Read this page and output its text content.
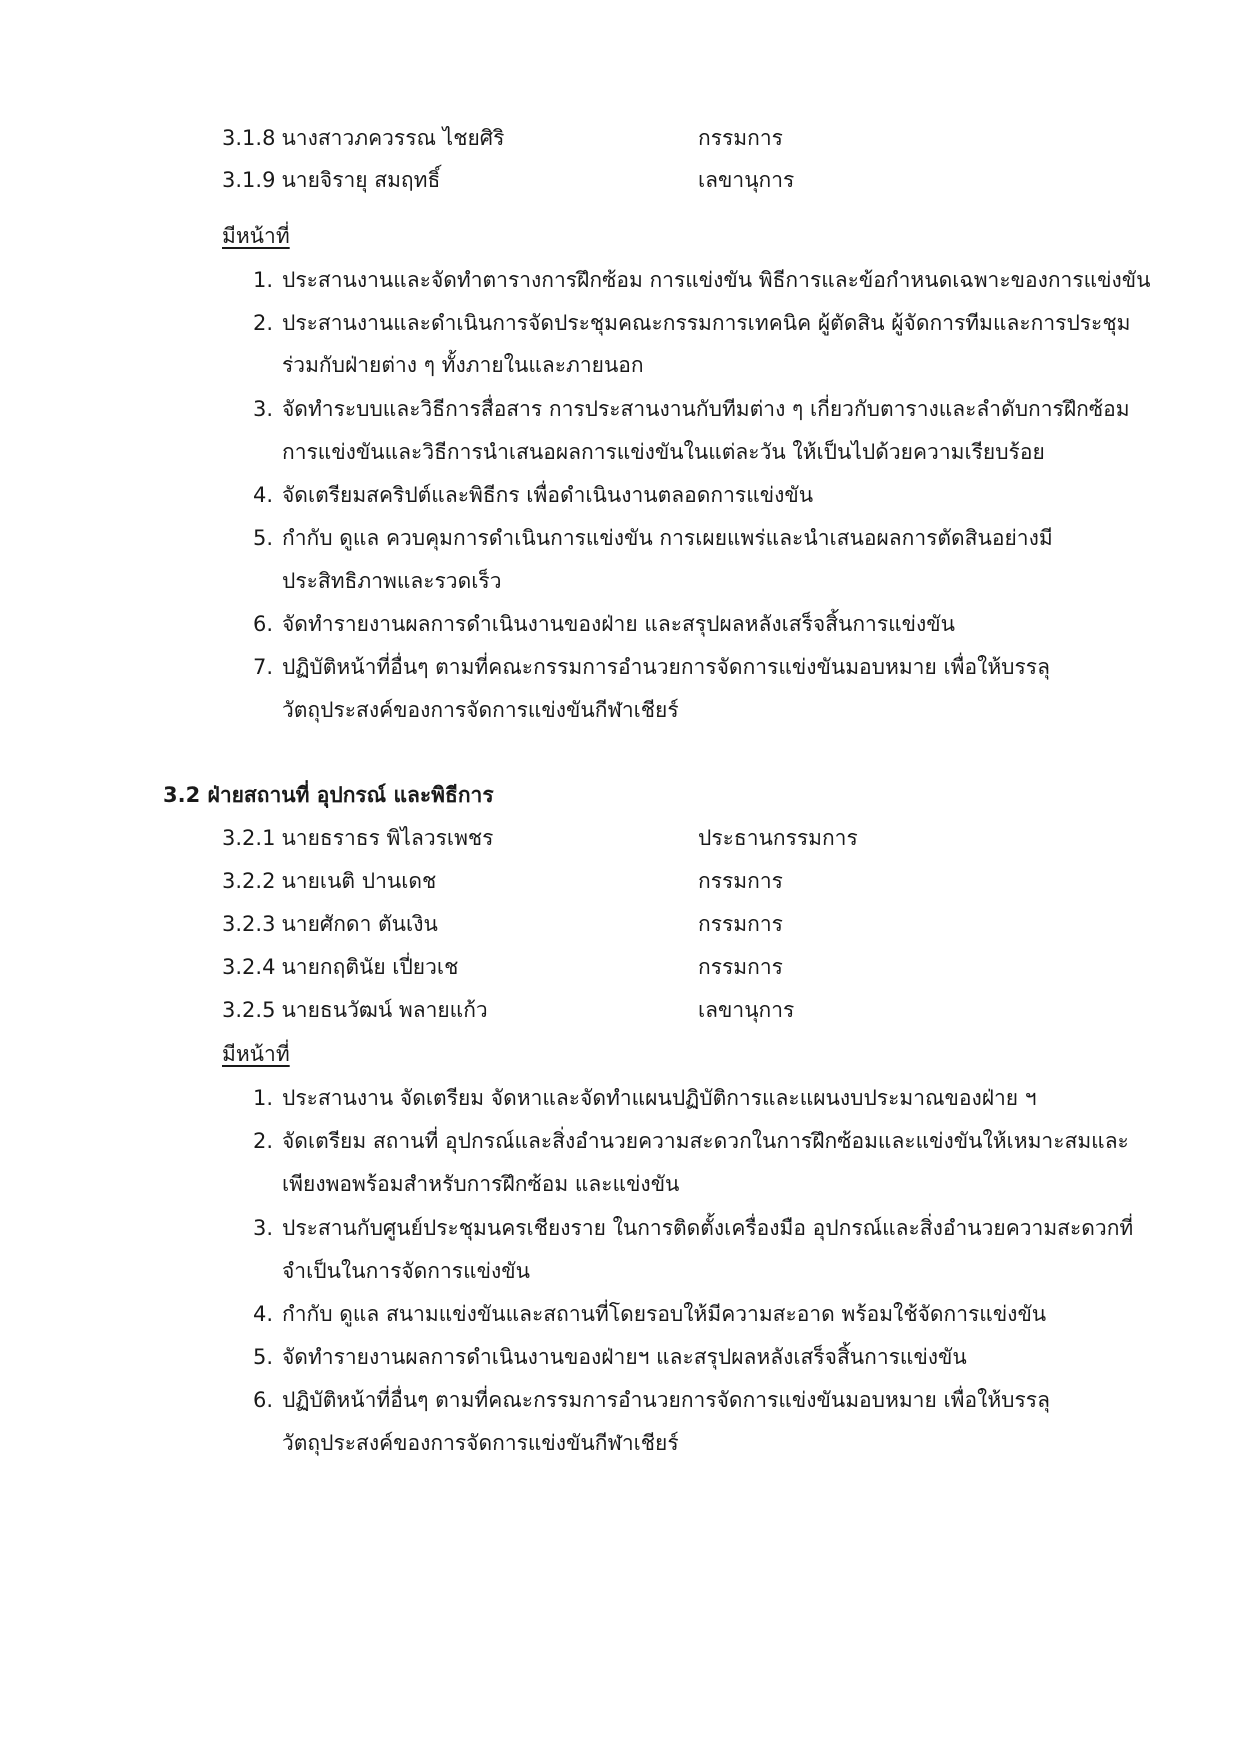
3.1.8 นางสาวภควรรณ ไชยศิริ	กรรมการ
3.1.9 นายจิรายุ สมฤทธิ์	เลขานุการ
มีหน้าที่
1. ประสานงานและจัดทำตารางการฝึกซ้อม การแข่งขัน พิธีการและข้อกำหนดเฉพาะของการแข่งขัน
2. ประสานงานและดำเนินการจัดประชุมคณะกรรมการเทคนิค ผู้ตัดสิน ผู้จัดการทีมและการประชุม
ร่วมกับฝ่ายต่าง ๆ ทั้งภายในและภายนอก
3. จัดทำระบบและวิธีการสื่อสาร การประสานงานกับทีมต่าง ๆ เกี่ยวกับตารางและลำดับการฝึกซ้อม
การแข่งขันและวิธีการนำเสนอผลการแข่งขันในแต่ละวัน ให้เป็นไปด้วยความเรียบร้อย
4. จัดเตรียมสคริปต์และพิธีกร เพื่อดำเนินงานตลอดการแข่งขัน
5. กำกับ ดูแล ควบคุมการดำเนินการแข่งขัน การเผยแพร่และนำเสนอผลการตัดสินอย่างมี
ประสิทธิภาพและรวดเร็ว
6. จัดทำรายงานผลการดำเนินงานของฝ่าย และสรุปผลหลังเสร็จสิ้นการแข่งขัน
7. ปฏิบัติหน้าที่อื่นๆ ตามที่คณะกรรมการอำนวยการจัดการแข่งขันมอบหมาย เพื่อให้บรรลุ
วัตถุประสงค์ของการจัดการแข่งขันกีฬาเชียร์
3.2 ฝ่ายสถานที่ อุปกรณ์ และพิธีการ
3.2.1 นายธราธร พิไลวรเพชร	ประธานกรรมการ
3.2.2 นายเนติ ปานเดช	กรรมการ
3.2.3 นายศักดา ตันเงิน	กรรมการ
3.2.4 นายกฤตินัย เปี่ยวเช	กรรมการ
3.2.5 นายธนวัฒน์ พลายแก้ว	เลขานุการ
มีหน้าที่
1. ประสานงาน จัดเตรียม จัดหาและจัดทำแผนปฏิบัติการและแผนงบประมาณของฝ่าย ฯ
2. จัดเตรียม สถานที่ อุปกรณ์และสิ่งอำนวยความสะดวกในการฝึกซ้อมและแข่งขันให้เหมาะสมและ
เพียงพอพร้อมสำหรับการฝึกซ้อม และแข่งขัน
3. ประสานกับศูนย์ประชุมนครเชียงราย ในการติดตั้งเครื่องมือ อุปกรณ์และสิ่งอำนวยความสะดวกที่
จำเป็นในการจัดการแข่งขัน
4. กำกับ ดูแล สนามแข่งขันและสถานที่โดยรอบให้มีความสะอาด พร้อมใช้จัดการแข่งขัน
5. จัดทำรายงานผลการดำเนินงานของฝ่ายฯ และสรุปผลหลังเสร็จสิ้นการแข่งขัน
6. ปฏิบัติหน้าที่อื่นๆ ตามที่คณะกรรมการอำนวยการจัดการแข่งขันมอบหมาย เพื่อให้บรรลุ
วัตถุประสงค์ของการจัดการแข่งขันกีฬาเชียร์
